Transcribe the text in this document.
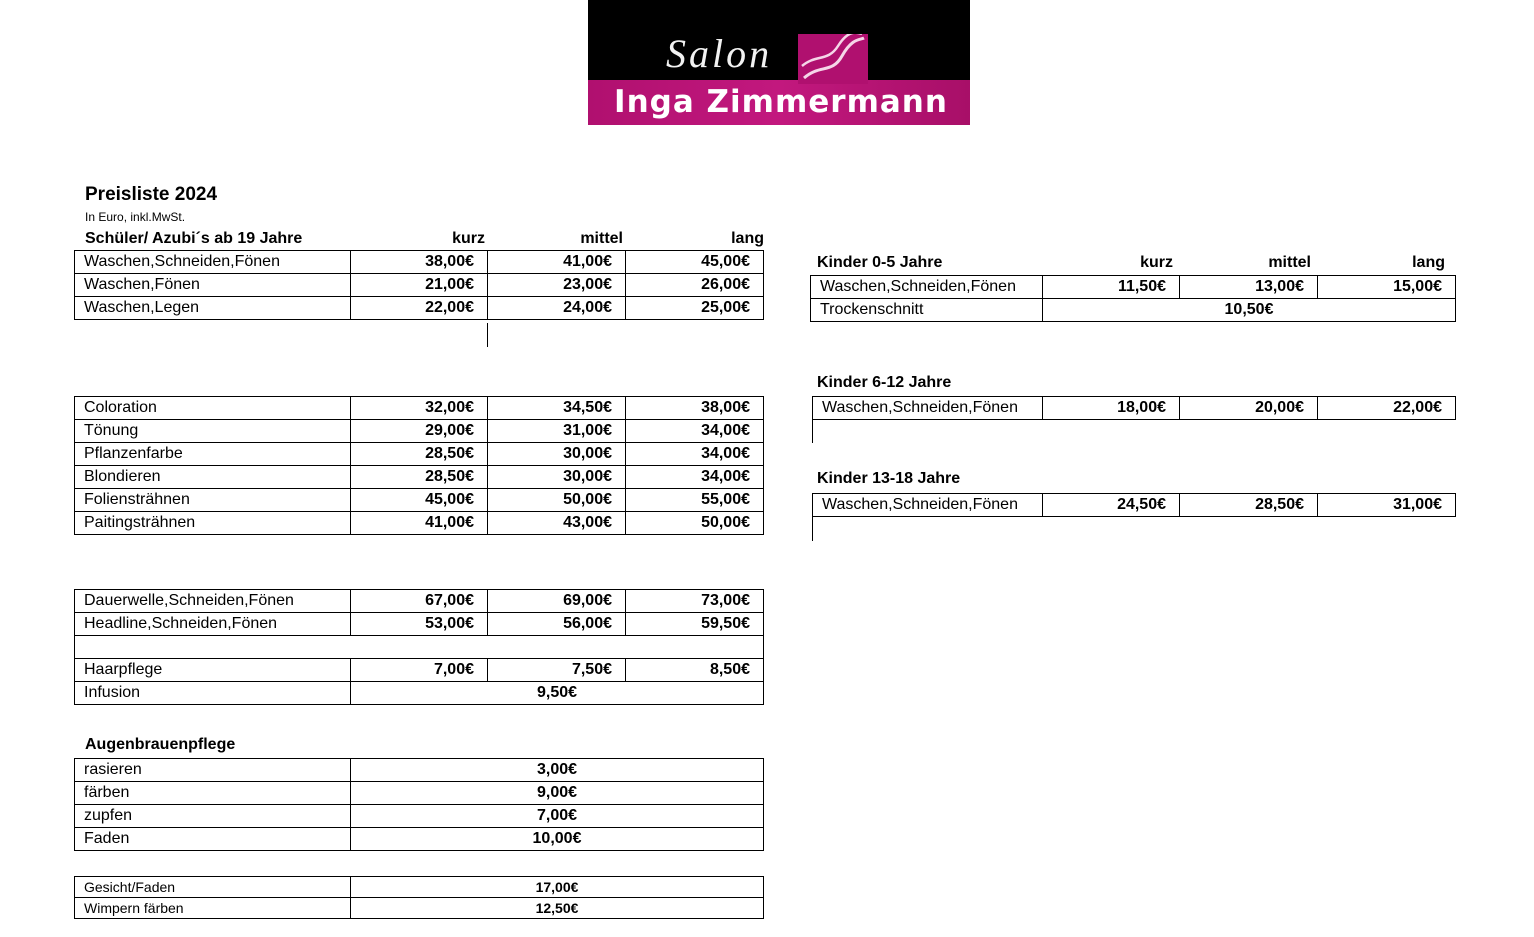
Salon
Inga Zimmermann
Preisliste 2024
In Euro, inkl.MwSt.
Schüler/ Azubi´s ab 19 Jahre	kurz	mittel	lang
Waschen,Schneiden,Fönen	38,00€	41,00€	45,00€
Waschen,Fönen	21,00€	23,00€	26,00€
Waschen,Legen	22,00€	24,00€	25,00€
Coloration	32,00€	34,50€	38,00€
Tönung	29,00€	31,00€	34,00€
Pflanzenfarbe	28,50€	30,00€	34,00€
Blondieren	28,50€	30,00€	34,00€
Foliensträhnen	45,00€	50,00€	55,00€
Paitingsträhnen	41,00€	43,00€	50,00€
Dauerwelle,Schneiden,Fönen	67,00€	69,00€	73,00€
Headline,Schneiden,Fönen	53,00€	56,00€	59,50€

Haarpflege	7,00€	7,50€	8,50€
Infusion	9,50€		
Augenbrauenpflege
rasieren	3,00€
färben	9,00€
zupfen	7,00€
Faden	10,00€
Gesicht/Faden	17,00€
Wimpern färben	12,50€
Kinder 0-5 Jahre	kurz	mittel	lang
Waschen,Schneiden,Fönen	11,50€	13,00€	15,00€
Trockenschnitt	10,50€		
Kinder 6-12 Jahre
Waschen,Schneiden,Fönen	18,00€	20,00€	22,00€
Kinder 13-18 Jahre
Waschen,Schneiden,Fönen	24,50€	28,50€	31,00€
